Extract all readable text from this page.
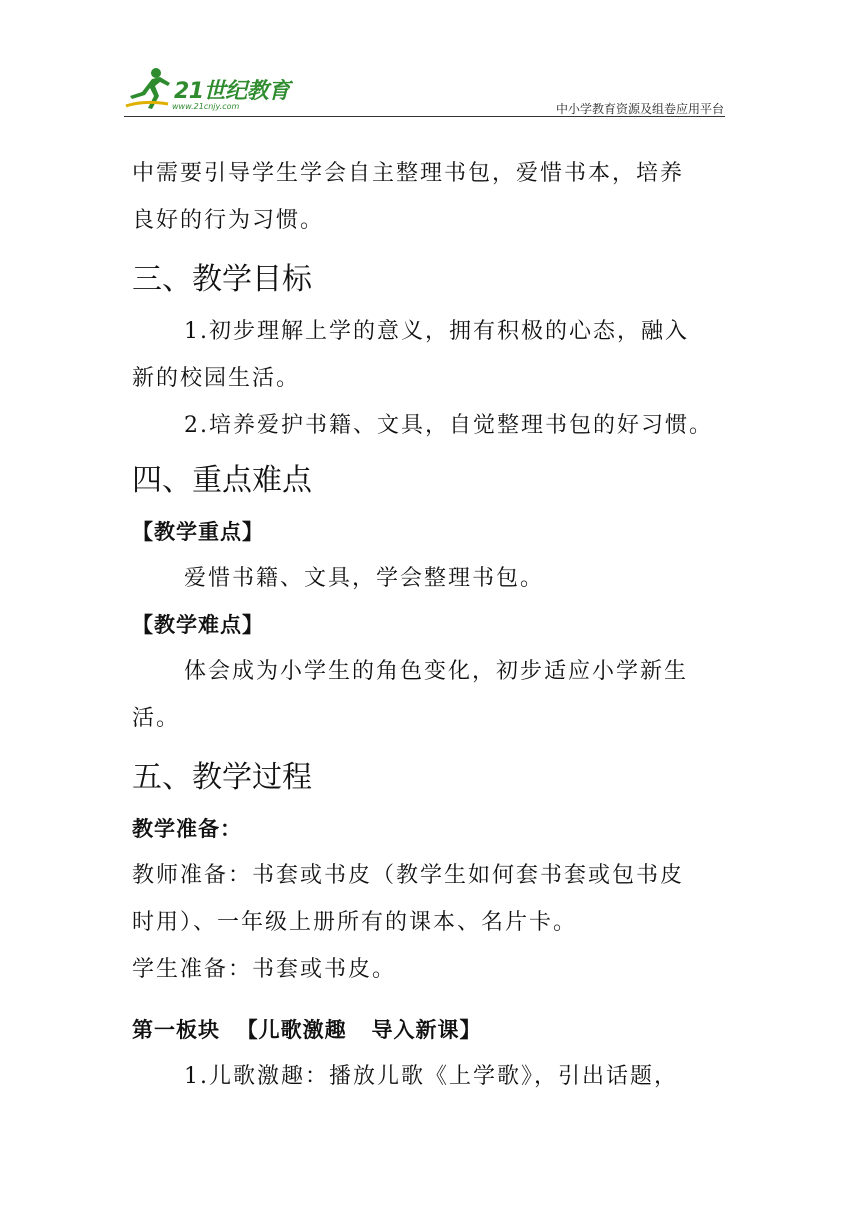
21世纪教育
www.21cnjy.com	中小学教育资源及组卷应用平台

中需要引导学生学会自主整理书包，爱惜书本，培养

良好的行为习惯。

三、教学目标

1.初步理解上学的意义，拥有积极的心态，融入

新的校园生活。

2.培养爱护书籍、文具，自觉整理书包的好习惯。

四、重点难点

【教学重点】

爱惜书籍、文具，学会整理书包。

【教学难点】

体会成为小学生的角色变化，初步适应小学新生

活。

五、教学过程

教学准备：

教师准备：书套或书皮（教学生如何套书套或包书皮

时用）、一年级上册所有的课本、名片卡。

学生准备：书套或书皮。

第一板块  【儿歌激趣   导入新课】

1.儿歌激趣：播放儿歌《上学歌》，引出话题，
